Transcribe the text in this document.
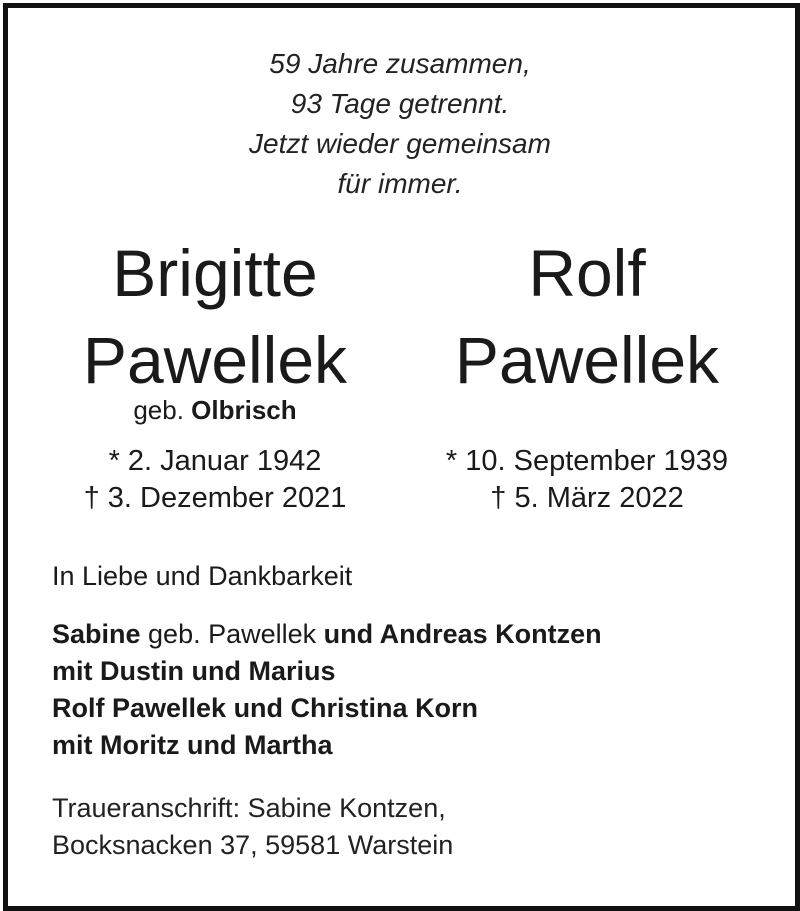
59 Jahre zusammen,
93 Tage getrennt.
Jetzt wieder gemeinsam
für immer.
Brigitte
Pawellek
geb. Olbrisch
* 2. Januar 1942
† 3. Dezember 2021
Rolf
Pawellek
* 10. September 1939
† 5. März 2022
In Liebe und Dankbarkeit
Sabine geb. Pawellek und Andreas Kontzen
mit Dustin und Marius
Rolf Pawellek und Christina Korn
mit Moritz und Martha
Traueranschrift: Sabine Kontzen,
Bocksnacken 37, 59581 Warstein
